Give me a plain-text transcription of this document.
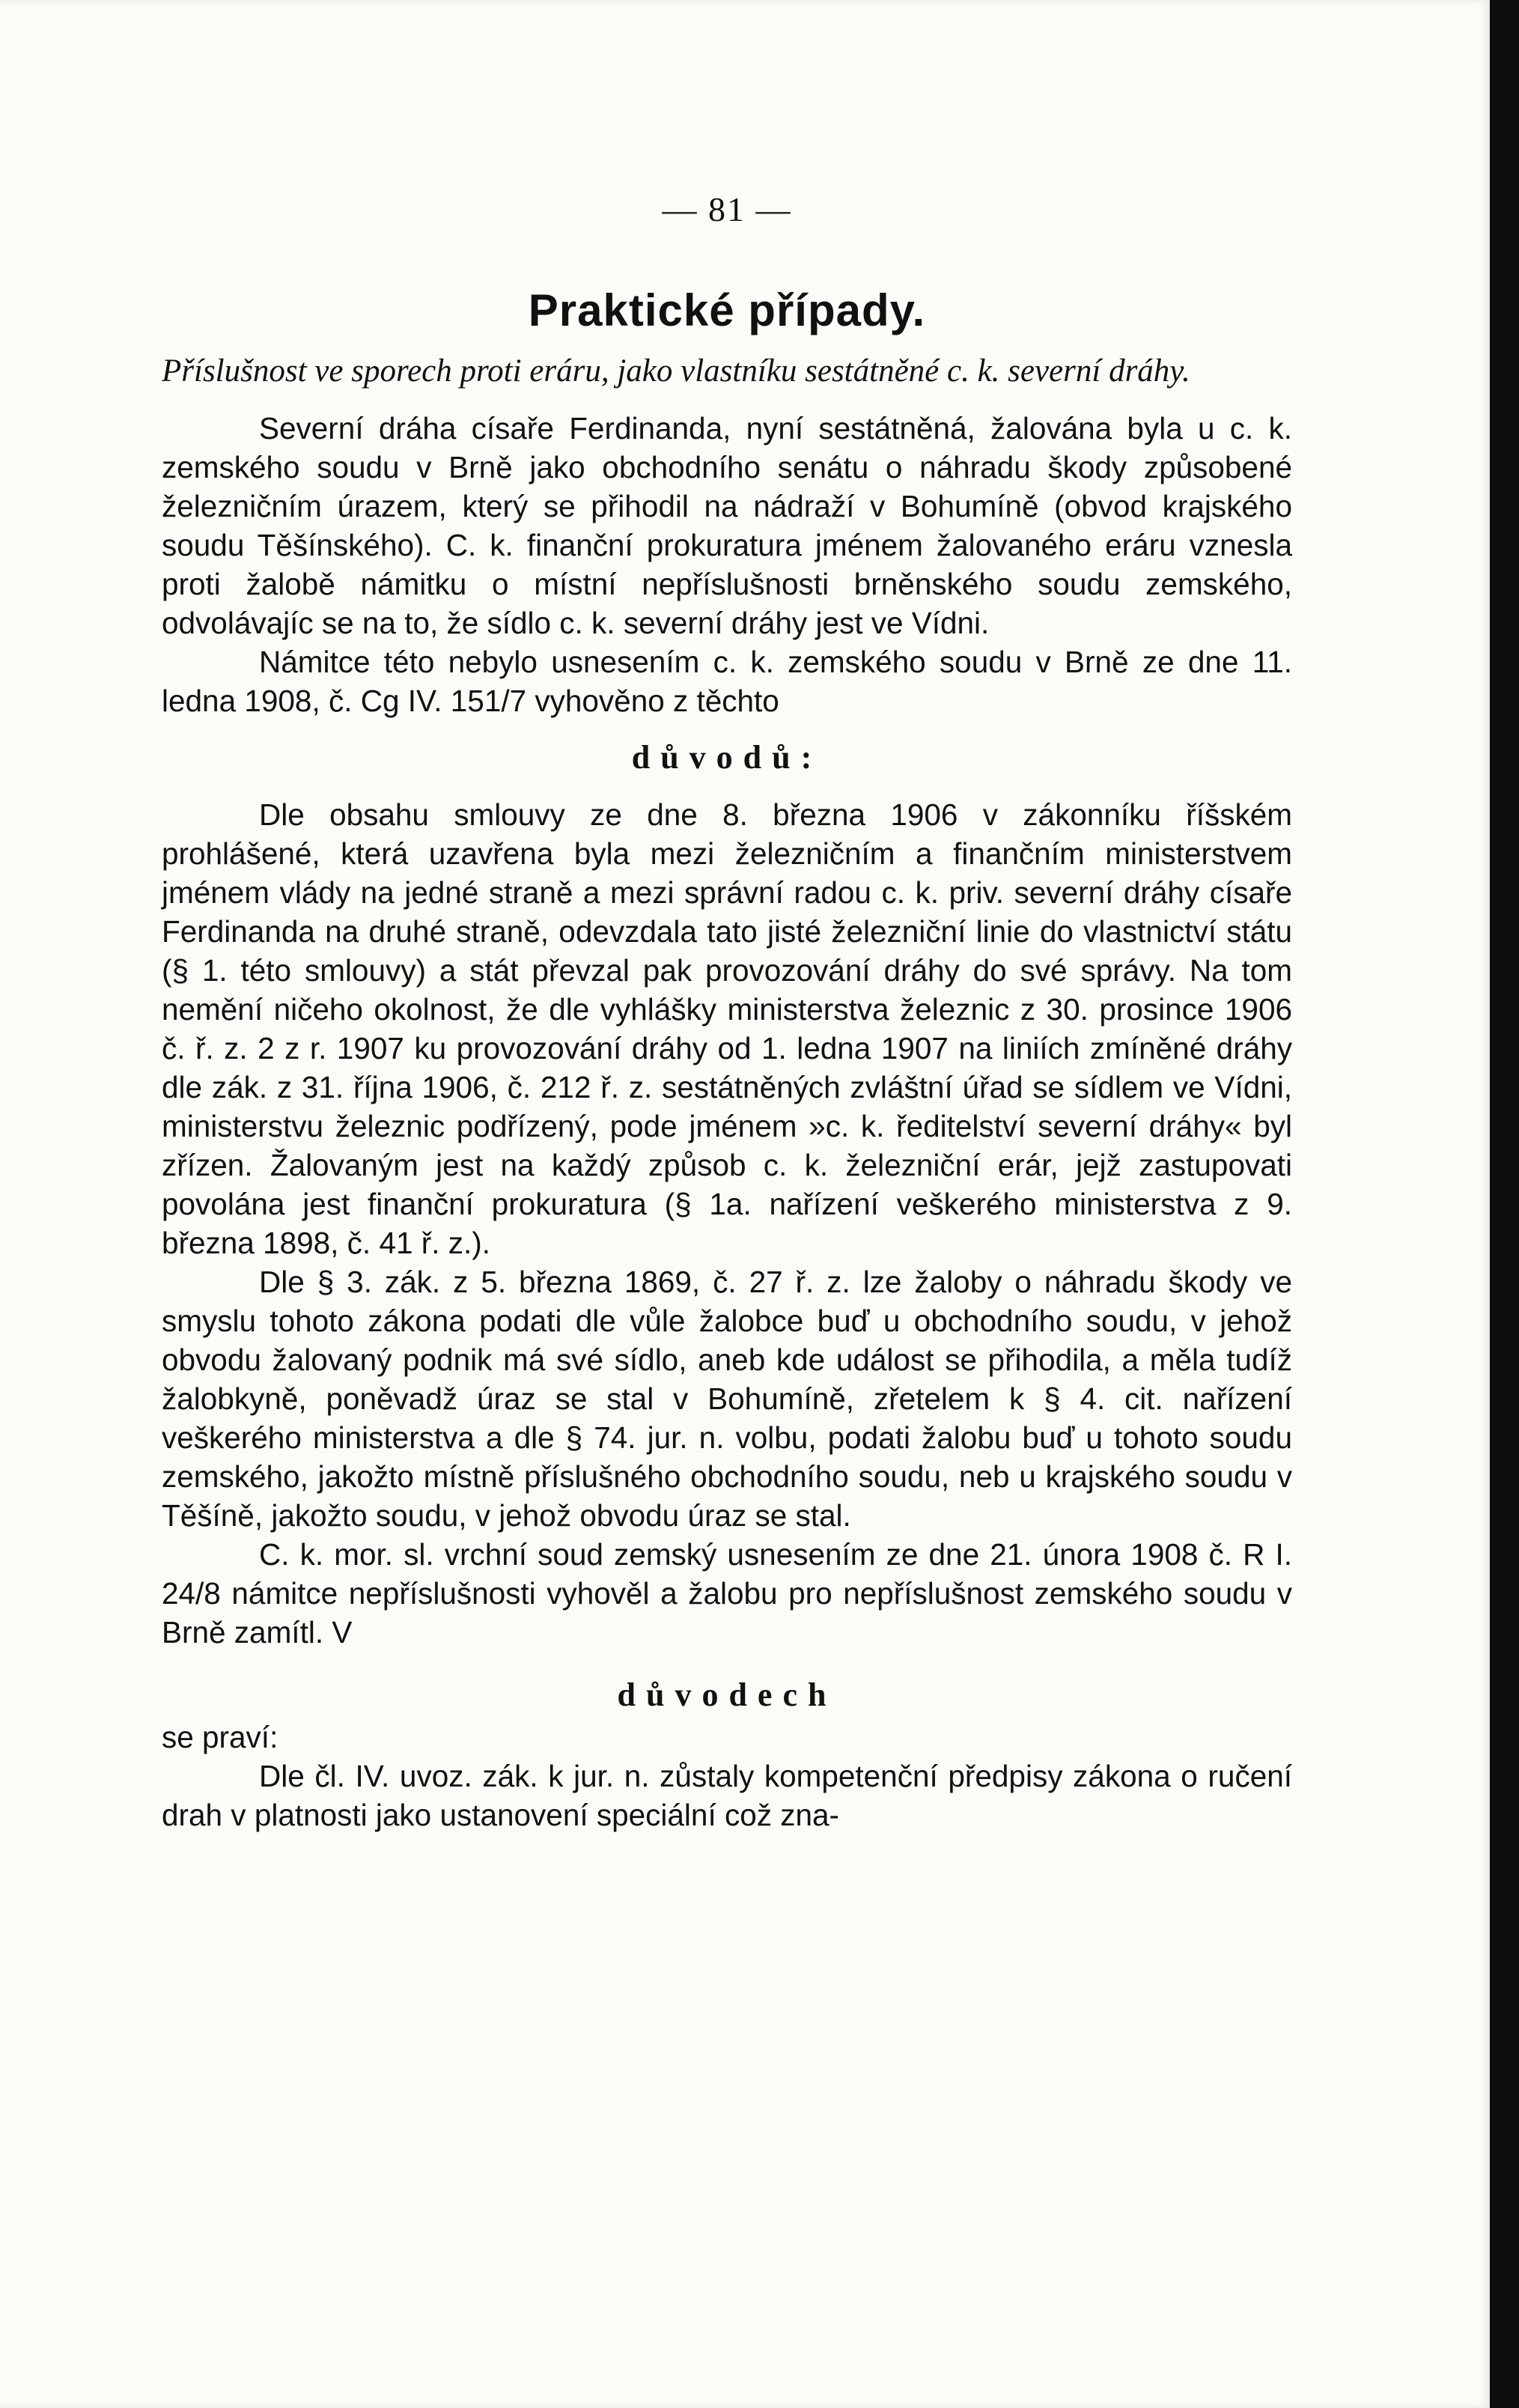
— 81 —
Praktické případy.
Příslušnost ve sporech proti eráru, jako vlastníku sestátněné c. k. severní dráhy.

Severní dráha císaře Ferdinanda, nyní sestátněná, žalována byla u c. k. zemského soudu v Brně jako obchodního senátu o náhradu škody způsobené železničním úrazem, který se přihodil na nádraží v Bohumíně (obvod krajského soudu Těšínského). C. k. finanční prokuratura jménem žalovaného eráru vznesla proti žalobě námitku o místní nepříslušnosti brněnského soudu zemského, odvolávajíc se na to, že sídlo c. k. severní dráhy jest ve Vídni.

Námitce této nebylo usnesením c. k. zemského soudu v Brně ze dne 11. ledna 1908, č. Cg IV. 151/7 vyhověno z těchto

důvodů:

Dle obsahu smlouvy ze dne 8. března 1906 v zákonníku říšském prohlášené, která uzavřena byla mezi železničním a finančním ministerstvem jménem vlády na jedné straně a mezi správní radou c. k. priv. severní dráhy císaře Ferdinanda na druhé straně, odevzdala tato jisté železniční linie do vlastnictví státu (§ 1. této smlouvy) a stát převzal pak provozování dráhy do své správy. Na tom nemění ničeho okolnost, že dle vyhlášky ministerstva železnic z 30. prosince 1906 č. ř. z. 2 z r. 1907 ku provozování dráhy od 1. ledna 1907 na liniích zmíněné dráhy dle zák. z 31. října 1906, č. 212 ř. z. sestátněných zvláštní úřad se sídlem ve Vídni, ministerstvu železnic podřízený, pode jménem »c. k. ředitelství severní dráhy« byl zřízen. Žalovaným jest na každý způsob c. k. železniční erár, jejž zastupovati povolána jest finanční prokuratura (§ 1a. nařízení veškerého ministerstva z 9. března 1898, č. 41 ř. z.).

Dle § 3. zák. z 5. března 1869, č. 27 ř. z. lze žaloby o náhradu škody ve smyslu tohoto zákona podati dle vůle žalobce buď u obchodního soudu, v jehož obvodu žalovaný podnik má své sídlo, aneb kde událost se přihodila, a měla tudíž žalobkyně, poněvadž úraz se stal v Bohumíně, zřetelem k § 4. cit. nařízení veškerého ministerstva a dle § 74. jur. n. volbu, podati žalobu buď u tohoto soudu zemského, jakožto místně příslušného obchodního soudu, neb u krajského soudu v Těšíně, jakožto soudu, v jehož obvodu úraz se stal.

C. k. mor. sl. vrchní soud zemský usnesením ze dne 21. února 1908 č. R I. 24/8 námitce nepříslušnosti vyhověl a žalobu pro nepříslušnost zemského soudu v Brně zamítl. V

důvodech

se praví:

Dle čl. IV. uvoz. zák. k jur. n. zůstaly kompetenční předpisy zákona o ručení drah v platnosti jako ustanovení speciální což zna-
